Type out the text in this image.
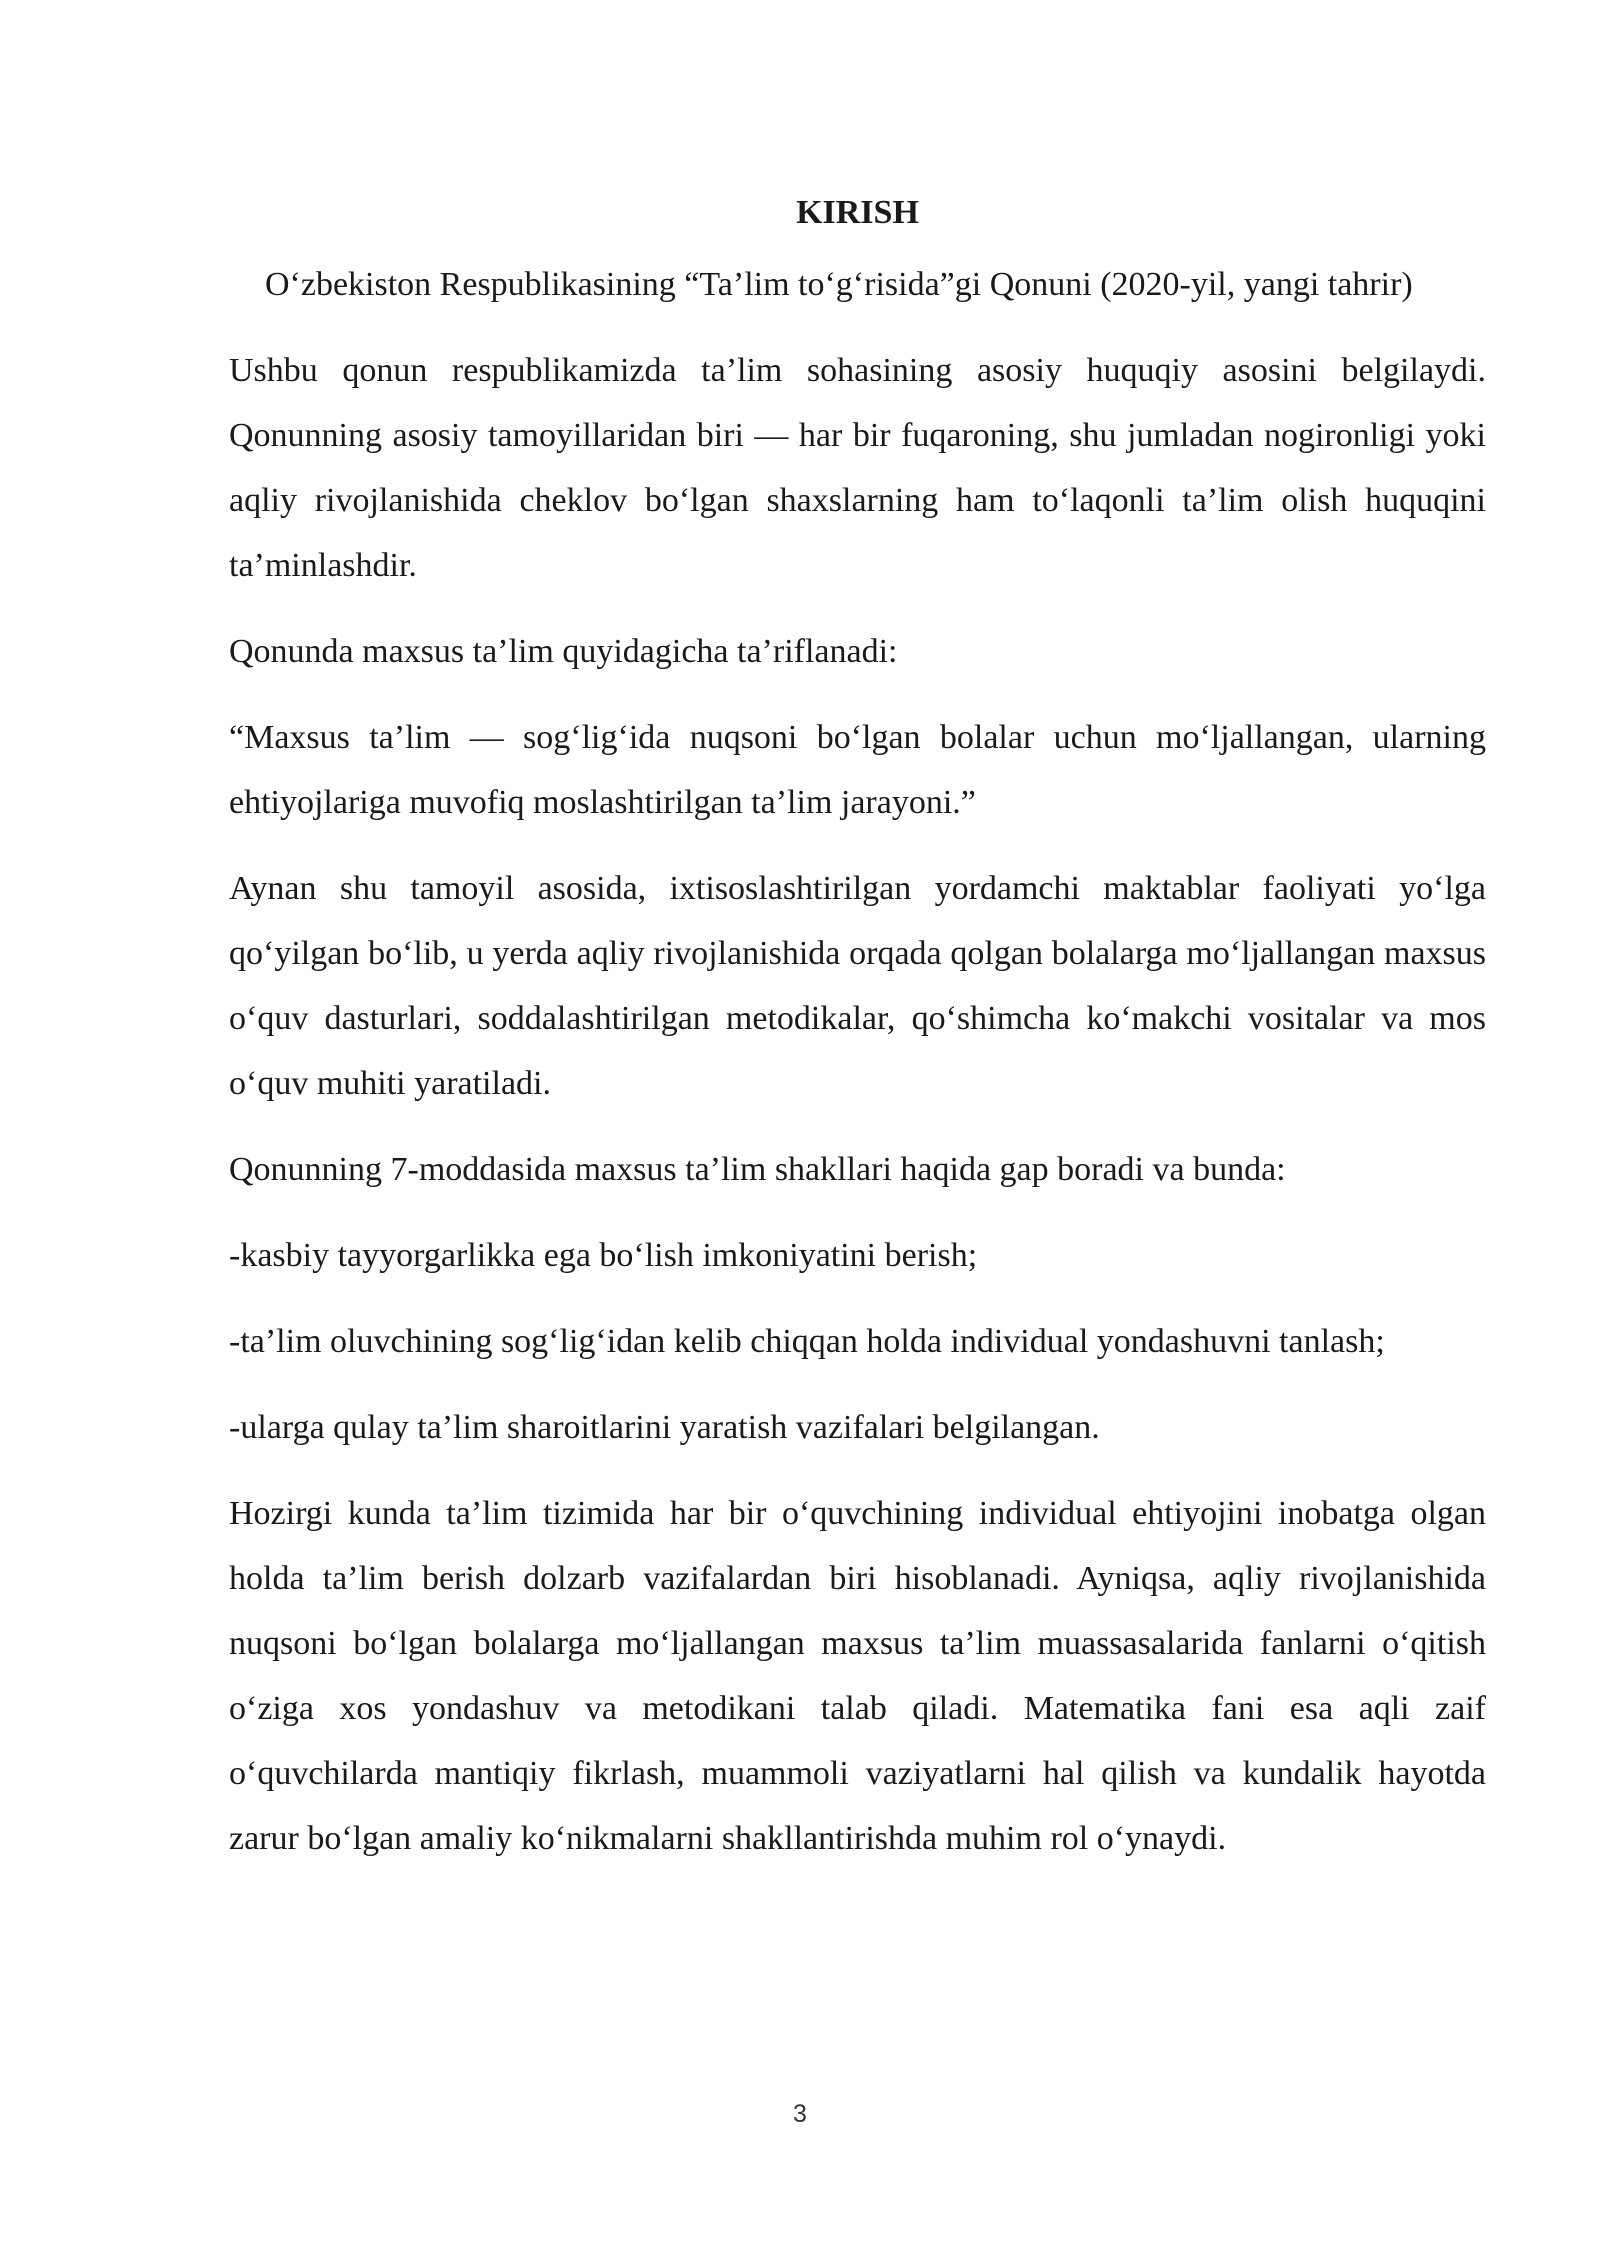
KIRISH

O‘zbekiston Respublikasining “Ta’lim to‘g‘risida”gi Qonuni (2020-yil, yangi tahrir)

Ushbu qonun respublikamizda ta’lim sohasining asosiy huquqiy asosini belgilaydi. Qonunning asosiy tamoyillaridan biri — har bir fuqaroning, shu jumladan nogironligi yoki aqliy rivojlanishida cheklov bo‘lgan shaxslarning ham to‘laqonli ta’lim olish huquqini ta’minlashdir.

Qonunda maxsus ta’lim quyidagicha ta’riflanadi:

“Maxsus ta’lim — sog‘lig‘ida nuqsoni bo‘lgan bolalar uchun mo‘ljallangan, ularning ehtiyojlariga muvofiq moslashtirilgan ta’lim jarayoni.”

Aynan shu tamoyil asosida, ixtisoslashtirilgan yordamchi maktablar faoliyati yo‘lga qo‘yilgan bo‘lib, u yerda aqliy rivojlanishida orqada qolgan bolalarga mo‘ljallangan maxsus o‘quv dasturlari, soddalashtirilgan metodikalar, qo‘shimcha ko‘makchi vositalar va mos o‘quv muhiti yaratiladi.

Qonunning 7-moddasida maxsus ta’lim shakllari haqida gap boradi va bunda:

-kasbiy tayyorgarlikka ega bo‘lish imkoniyatini berish;

-ta’lim oluvchining sog‘lig‘idan kelib chiqqan holda individual yondashuvni tanlash;

-ularga qulay ta’lim sharoitlarini yaratish vazifalari belgilangan.

Hozirgi kunda ta’lim tizimida har bir o‘quvchining individual ehtiyojini inobatga olgan holda ta’lim berish dolzarb vazifalardan biri hisoblanadi. Ayniqsa, aqliy rivojlanishida nuqsoni bo‘lgan bolalarga mo‘ljallangan maxsus ta’lim muassasalarida fanlarni o‘qitish o‘ziga xos yondashuv va metodikani talab qiladi. Matematika fani esa aqli zaif o‘quvchilarda mantiqiy fikrlash, muammoli vaziyatlarni hal qilish va kundalik hayotda zarur bo‘lgan amaliy ko‘nikmalarni shakllantirishda muhim rol o‘ynaydi.

3
